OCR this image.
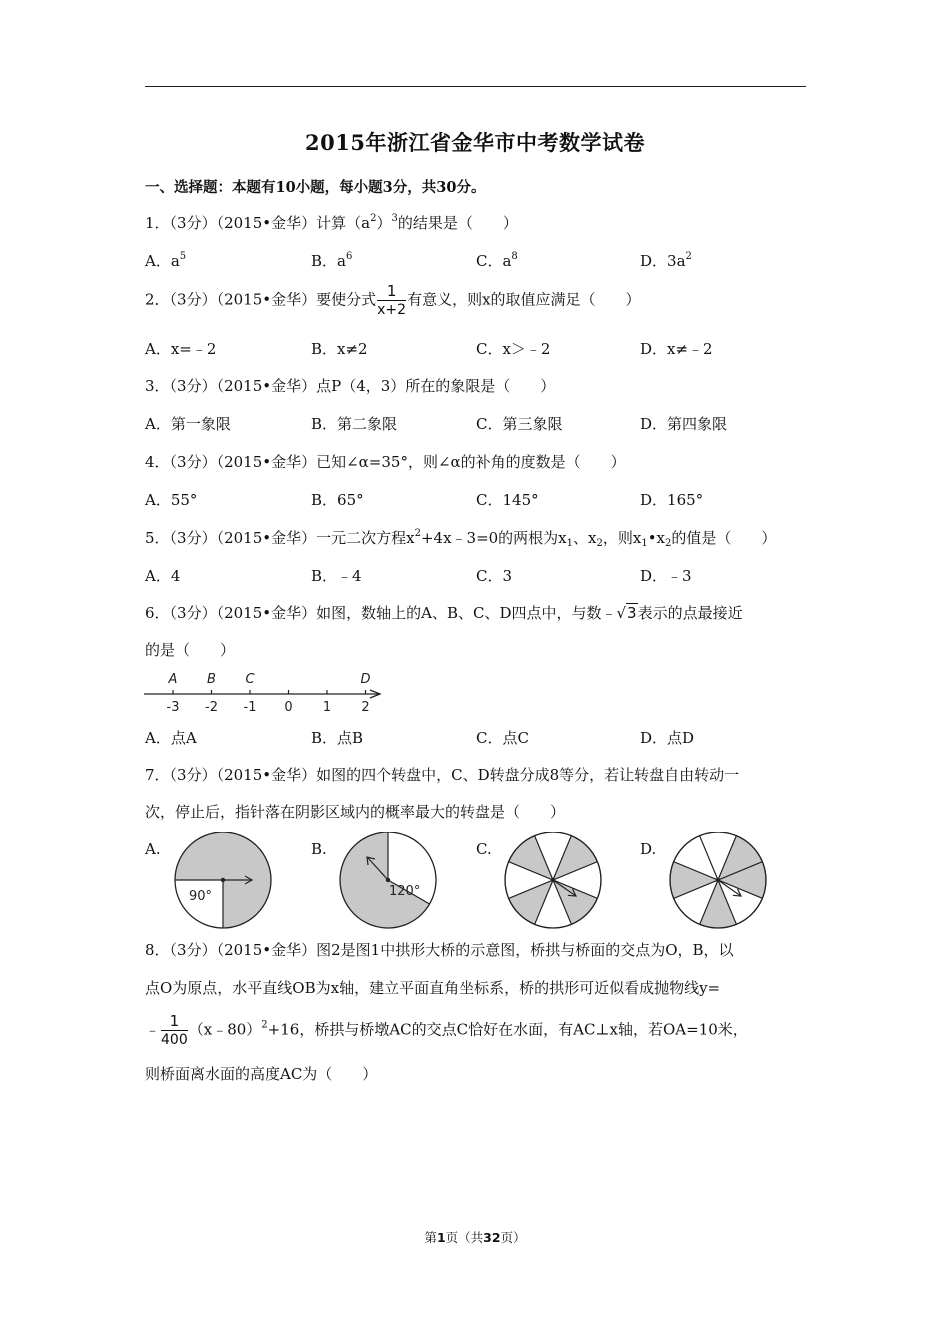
2015年浙江省金华市中考数学试卷
一、选择题：本题有10小题，每小题3分，共30分。
1．（3分）（2015•金华）计算$(a^2)^3$的结果是（　　）
A．$a^5$	B．$a^6$	C．$a^8$	D．$3a^2$
2．（3分）（2015•金华）要使分式 $\frac{1}{x+2}$ 有意义，则x的取值应满足（　　）
A．x=﹣2	B．x≠2	C．x＞﹣2	D．x≠﹣2
3．（3分）（2015•金华）点P（4，3）所在的象限是（　　）
A．第一象限	B．第二象限	C．第三象限	D．第四象限
4．（3分）（2015•金华）已知∠α=35°，则∠α的补角的度数是（　　）
A．55°	B．65°	C．145°	D．165°
5．（3分）（2015•金华）一元二次方程$x^2+4x﹣3=0$的两根为$x_1$、$x_2$，则$x_1•x_2$的值是（　　）
A．4	B．﹣4	C．3	D．﹣3
6．（3分）（2015•金华）如图，数轴上的A、B、C、D四点中，与数﹣√3表示的点最接近
的是（　　）
-3 -2 -1 0 1 2
A B C	D
A．点A	B．点B	C．点C	D．点D
7．（3分）（2015•金华）如图的四个转盘中，C、D转盘分成8等分，若让转盘自由转动一
次，停止后，指针落在阴影区域内的概率最大的转盘是（　　）
A.	B.	C.	D.
90°	120°
8．（3分）（2015•金华）图2是图1中拱形大桥的示意图，桥拱与桥面的交点为O，B，以
点O为原点，水平直线OB为x轴，建立平面直角坐标系，桥的拱形可近似看成抛物线y=
﹣ $\frac{1}{400}$ （x﹣80）$^2$+16，桥拱与桥墩AC的交点C恰好在水面，有AC⊥x轴，若OA=10米，
则桥面离水面的高度AC为（　　）
第1页（共32页）
